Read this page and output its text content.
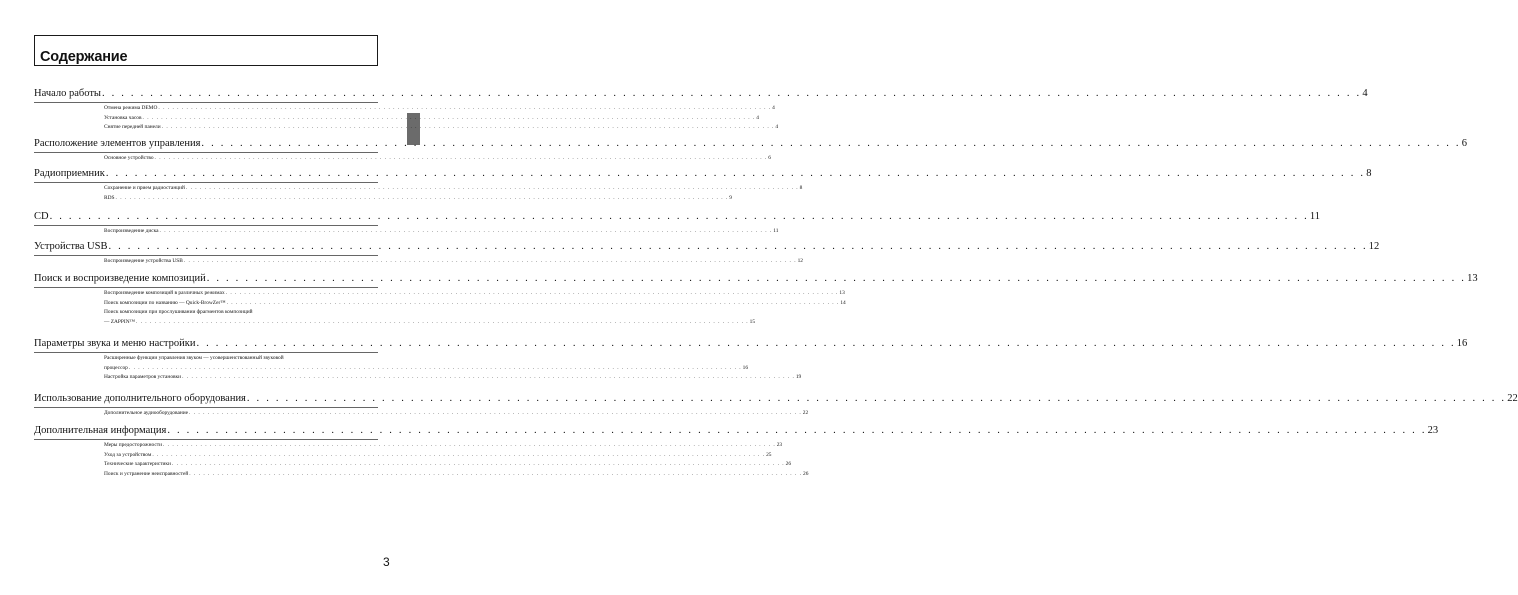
Содержание
Начало работы . . . . . . . . . . . . . . . . . . . . . . . . . . . . . . . . . . . . . . . . . . . . . . . . . . . . . . . . . . . . . . . . . . . . . . . . . . . . . . . . . . . . . . . . . . . . . . . . . . . . . . . . . . . . . . . . . . . . . . . . . . . . . . . . . . . 4
Отмена режима DEMO . . . . . . . . . . . . . . . . . . . . . . . . . . . . . . . . . . . . . . . . . . . . . . . . . . . . . . . . . . . . . . . . . . . . . . . . . . . . . . . . . . . . . . . . . . . . . . . . . . . . . . . . . . . . . . . . . . . . . . . . . . . . . . . . . . . 4
Установка часов . . . . . . . . . . . . . . . . . . . . . . . . . . . . . . . . . . . . . . . . . . . . . . . . . . . . . . . . . . . . . . . . . . . . . . . . . . . . . . . . . . . . . . . . . . . . . . . . . . . . . . . . . . . . . . . . . . . . . . . . . . . . . . . . . . . 4
Снятие передней панели . . . . . . . . . . . . . . . . . . . . . . . . . . . . . . . . . . . . . . . . . . . . . . . . . . . . . . . . . . . . . . . . . . . . . . . . . . . . . . . . . . . . . . . . . . . . . . . . . . . . . . . . . . . . . . . . . . . . . . . . . . . . . . . . . . . 4
Расположение элементов управления . . . . . . . . . . . . . . . . . . . . . . . . . . . . . . . . . . . . . . . . . . . . . . . . . . . . . . . . . . . . . . . . . . . . . . . . . . . . . . . . . . . . . . . . . . . . . . . . . . . . . . . . . . . . . . . . . . . . . . . . . . . . . . . . . . . 6
Основное устройство . . . . . . . . . . . . . . . . . . . . . . . . . . . . . . . . . . . . . . . . . . . . . . . . . . . . . . . . . . . . . . . . . . . . . . . . . . . . . . . . . . . . . . . . . . . . . . . . . . . . . . . . . . . . . . . . . . . . . . . . . . . . . . . . . . . 6
Радиоприемник . . . . . . . . . . . . . . . . . . . . . . . . . . . . . . . . . . . . . . . . . . . . . . . . . . . . . . . . . . . . . . . . . . . . . . . . . . . . . . . . . . . . . . . . . . . . . . . . . . . . . . . . . . . . . . . . . . . . . . . . . . . . . . . . . . . 8
Сохранение и прием радиостанций . . . . . . . . . . . . . . . . . . . . . . . . . . . . . . . . . . . . . . . . . . . . . . . . . . . . . . . . . . . . . . . . . . . . . . . . . . . . . . . . . . . . . . . . . . . . . . . . . . . . . . . . . . . . . . . . . . . . . . . . . . . . . . . . . . . 8
RDS . . . . . . . . . . . . . . . . . . . . . . . . . . . . . . . . . . . . . . . . . . . . . . . . . . . . . . . . . . . . . . . . . . . . . . . . . . . . . . . . . . . . . . . . . . . . . . . . . . . . . . . . . . . . . . . . . . . . . . . . . . . . . . . . . . . 9
CD . . . . . . . . . . . . . . . . . . . . . . . . . . . . . . . . . . . . . . . . . . . . . . . . . . . . . . . . . . . . . . . . . . . . . . . . . . . . . . . . . . . . . . . . . . . . . . . . . . . . . . . . . . . . . . . . . . . . . . . . . . . . . . . . . . . 11
Воспроизведение диска . . . . . . . . . . . . . . . . . . . . . . . . . . . . . . . . . . . . . . . . . . . . . . . . . . . . . . . . . . . . . . . . . . . . . . . . . . . . . . . . . . . . . . . . . . . . . . . . . . . . . . . . . . . . . . . . . . . . . . . . . . . . . . . . . . . 11
Устройства USB . . . . . . . . . . . . . . . . . . . . . . . . . . . . . . . . . . . . . . . . . . . . . . . . . . . . . . . . . . . . . . . . . . . . . . . . . . . . . . . . . . . . . . . . . . . . . . . . . . . . . . . . . . . . . . . . . . . . . . . . . . . . . . . . . . . 12
Воспроизведение устройства USB . . . . . . . . . . . . . . . . . . . . . . . . . . . . . . . . . . . . . . . . . . . . . . . . . . . . . . . . . . . . . . . . . . . . . . . . . . . . . . . . . . . . . . . . . . . . . . . . . . . . . . . . . . . . . . . . . . . . . . . . . . . . . . . . . . . 12
Поиск и воспроизведение композиций . . . . . . . . . . . . . . . . . . . . . . . . . . . . . . . . . . . . . . . . . . . . . . . . . . . . . . . . . . . . . . . . . . . . . . . . . . . . . . . . . . . . . . . . . . . . . . . . . . . . . . . . . . . . . . . . . . . . . . . . . . . . . . . . . . . 13
Воспроизведение композиций в различных режимах . . . . . . . . . . . . . . . . . . . . . . . . . . . . . . . . . . . . . . . . . . . . . . . . . . . . . . . . . . . . . . . . . . . . . . . . . . . . . . . . . . . . . . . . . . . . . . . . . . . . . . . . . . . . . . . . . . . . . . . . . . . . . . . . . . . 13
Поиск композиции по названию — Quick-BrowZer™ . . . . . . . . . . . . . . . . . . . . . . . . . . . . . . . . . . . . . . . . . . . . . . . . . . . . . . . . . . . . . . . . . . . . . . . . . . . . . . . . . . . . . . . . . . . . . . . . . . . . . . . . . . . . . . . . . . . . . . . . . . . . . . . . . . . 14
Поиск композиции при прослушивании фрагментов композиций
— ZAPPIN™ . . . . . . . . . . . . . . . . . . . . . . . . . . . . . . . . . . . . . . . . . . . . . . . . . . . . . . . . . . . . . . . . . . . . . . . . . . . . . . . . . . . . . . . . . . . . . . . . . . . . . . . . . . . . . . . . . . . . . . . . . . . . . . . . . . . 15
Параметры звука и меню настройки . . . . . . . . . . . . . . . . . . . . . . . . . . . . . . . . . . . . . . . . . . . . . . . . . . . . . . . . . . . . . . . . . . . . . . . . . . . . . . . . . . . . . . . . . . . . . . . . . . . . . . . . . . . . . . . . . . . . . . . . . . . . . . . . . . . 16
Расширенные функции управления звуком — усовершенствованный звуковой
процессор . . . . . . . . . . . . . . . . . . . . . . . . . . . . . . . . . . . . . . . . . . . . . . . . . . . . . . . . . . . . . . . . . . . . . . . . . . . . . . . . . . . . . . . . . . . . . . . . . . . . . . . . . . . . . . . . . . . . . . . . . . . . . . . . . . . 16
Настройка параметров установки . . . . . . . . . . . . . . . . . . . . . . . . . . . . . . . . . . . . . . . . . . . . . . . . . . . . . . . . . . . . . . . . . . . . . . . . . . . . . . . . . . . . . . . . . . . . . . . . . . . . . . . . . . . . . . . . . . . . . . . . . . . . . . . . . . . 19
Использование дополнительного оборудования . . . . . . . . . . . . . . . . . . . . . . . . . . . . . . . . . . . . . . . . . . . . . . . . . . . . . . . . . . . . . . . . . . . . . . . . . . . . . . . . . . . . . . . . . . . . . . . . . . . . . . . . . . . . . . . . . . . . . . . . . . . . . . . . . . . 22
Дополнительное аудиооборудование . . . . . . . . . . . . . . . . . . . . . . . . . . . . . . . . . . . . . . . . . . . . . . . . . . . . . . . . . . . . . . . . . . . . . . . . . . . . . . . . . . . . . . . . . . . . . . . . . . . . . . . . . . . . . . . . . . . . . . . . . . . . . . . . . . . 22
Дополнительная информация . . . . . . . . . . . . . . . . . . . . . . . . . . . . . . . . . . . . . . . . . . . . . . . . . . . . . . . . . . . . . . . . . . . . . . . . . . . . . . . . . . . . . . . . . . . . . . . . . . . . . . . . . . . . . . . . . . . . . . . . . . . . . . . . . . . 23
Меры предосторожности . . . . . . . . . . . . . . . . . . . . . . . . . . . . . . . . . . . . . . . . . . . . . . . . . . . . . . . . . . . . . . . . . . . . . . . . . . . . . . . . . . . . . . . . . . . . . . . . . . . . . . . . . . . . . . . . . . . . . . . . . . . . . . . . . . . 23
Уход за устройством . . . . . . . . . . . . . . . . . . . . . . . . . . . . . . . . . . . . . . . . . . . . . . . . . . . . . . . . . . . . . . . . . . . . . . . . . . . . . . . . . . . . . . . . . . . . . . . . . . . . . . . . . . . . . . . . . . . . . . . . . . . . . . . . . . . 25
Технические характеристики . . . . . . . . . . . . . . . . . . . . . . . . . . . . . . . . . . . . . . . . . . . . . . . . . . . . . . . . . . . . . . . . . . . . . . . . . . . . . . . . . . . . . . . . . . . . . . . . . . . . . . . . . . . . . . . . . . . . . . . . . . . . . . . . . . . 26
Поиск и устранение неисправностей . . . . . . . . . . . . . . . . . . . . . . . . . . . . . . . . . . . . . . . . . . . . . . . . . . . . . . . . . . . . . . . . . . . . . . . . . . . . . . . . . . . . . . . . . . . . . . . . . . . . . . . . . . . . . . . . . . . . . . . . . . . . . . . . . . . 26
3
